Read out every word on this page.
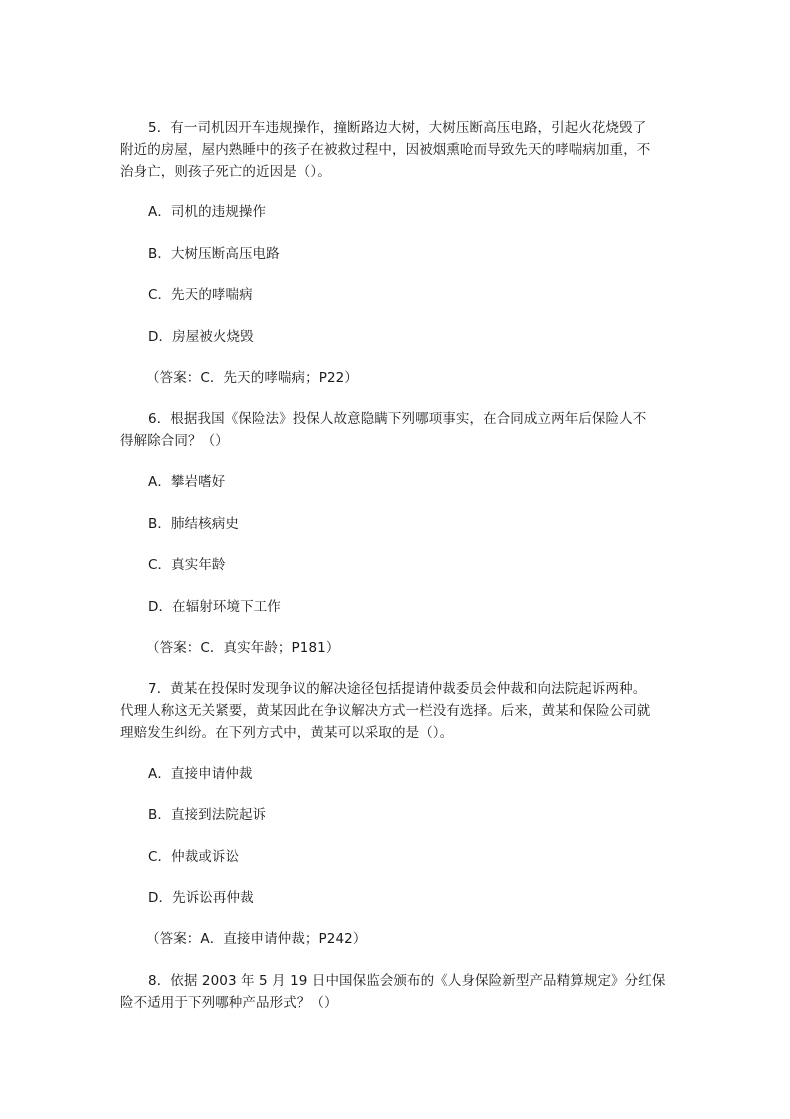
5．有一司机因开车违规操作，撞断路边大树，大树压断高压电路，引起火花烧毁了
附近的房屋，屋内熟睡中的孩子在被救过程中，因被烟熏呛而导致先天的哮喘病加重，不
治身亡，则孩子死亡的近因是（）。
A．司机的违规操作
B．大树压断高压电路
C．先天的哮喘病
D．房屋被火烧毁
（答案：C．先天的哮喘病；P22）
6．根据我国《保险法》投保人故意隐瞒下列哪项事实，在合同成立两年后保险人不
得解除合同？（）
A．攀岩嗜好
B．肺结核病史
C．真实年龄
D．在辐射环境下工作
（答案：C．真实年龄；P181）
7．黄某在投保时发现争议的解决途径包括提请仲裁委员会仲裁和向法院起诉两种。
代理人称这无关紧要，黄某因此在争议解决方式一栏没有选择。后来，黄某和保险公司就
理赔发生纠纷。在下列方式中，黄某可以采取的是（）。
A．直接申请仲裁
B．直接到法院起诉
C．仲裁或诉讼
D．先诉讼再仲裁
（答案：A．直接申请仲裁；P242）
8．依据 2003 年 5 月 19 日中国保监会颁布的《人身保险新型产品精算规定》分红保
险不适用于下列哪种产品形式？（）
